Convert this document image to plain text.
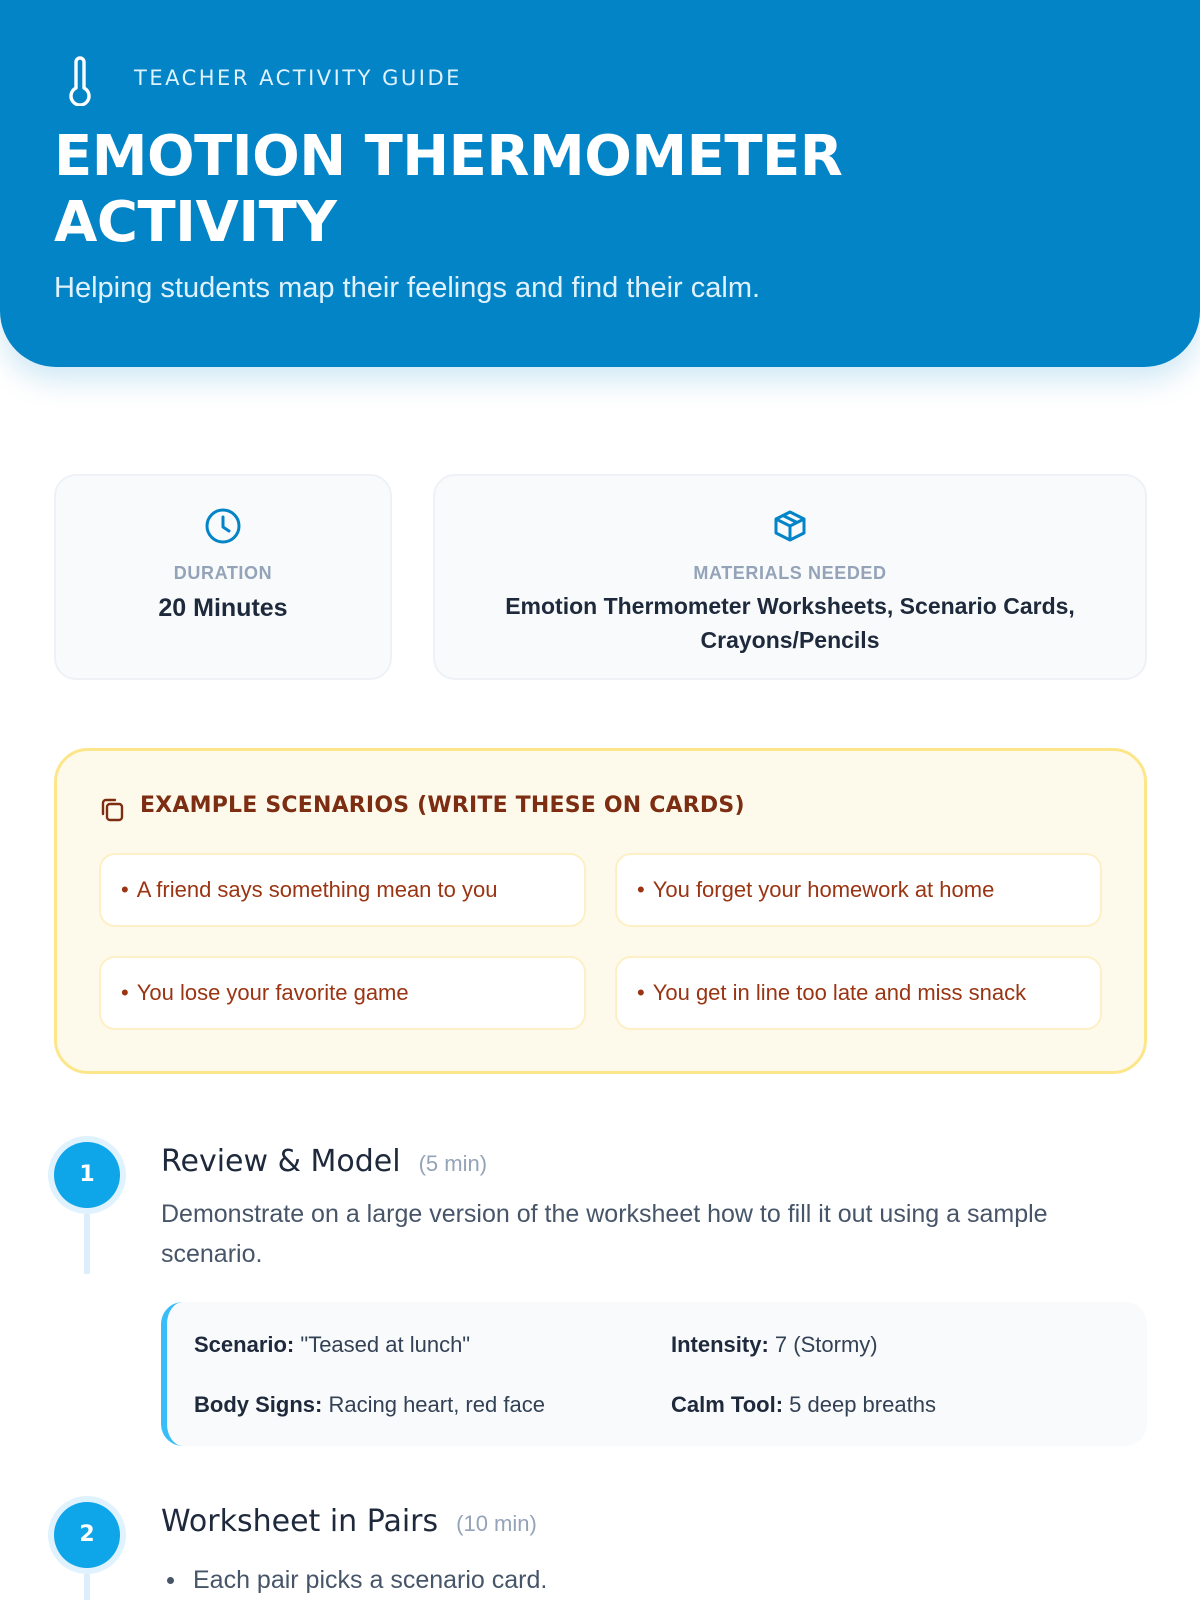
TEACHER ACTIVITY GUIDE
EMOTION THERMOMETER ACTIVITY
Helping students map their feelings and find their calm.
DURATION
20 Minutes
MATERIALS NEEDED
Emotion Thermometer Worksheets, Scenario Cards, Crayons/Pencils
EXAMPLE SCENARIOS (WRITE THESE ON CARDS)
• A friend says something mean to you	• You forget your homework at home
• You lose your favorite game	• You get in line too late and miss snack
1	Review & Model (5 min)
Demonstrate on a large version of the worksheet how to fill it out using a sample scenario.
Scenario: "Teased at lunch"	Intensity: 7 (Stormy)
Body Signs: Racing heart, red face	Calm Tool: 5 deep breaths
2	Worksheet in Pairs (10 min)
Each pair picks a scenario card.
